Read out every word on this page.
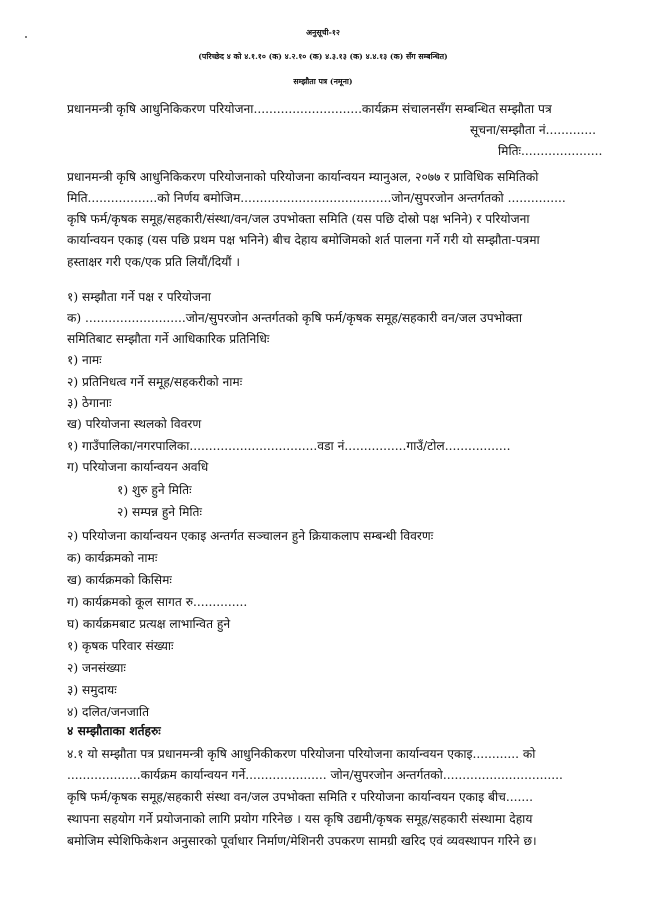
अनुसूची-१२
(परिच्छेद ४ को ४.१.१० (क) ४.२.१० (क) ४.३.१३ (क) ४.४.१३ (क) सँग सम्बन्धित)
सम्झौता पत्र (नमूना)
प्रधानमन्त्री कृषि आधुनिकिकरण परियोजना............................कार्यक्रम संचालनसँग सम्बन्धित सम्झौता पत्र
सूचना/सम्झौता नं.............
मितिः.....................
प्रधानमन्त्री कृषि आधुनिकिकरण परियोजनाको परियोजना कार्यान्वयन म्यानुअल, २०७७ र प्राविधिक समितिको
मिति..................को निर्णय बमोजिम.......................................जोन/सुपरजोन अन्तर्गतको ...............
कृषि फर्म/कृषक समूह/सहकारी/संस्था/वन/जल उपभोक्ता समिति (यस पछि दोस्रो पक्ष भनिने) र परियोजना
कार्यान्वयन एकाइ (यस पछि प्रथम पक्ष भनिने) बीच देहाय बमोजिमको शर्त पालना गर्ने गरी यो सम्झौता-पत्रमा
हस्ताक्षर गरी एक/एक प्रति लियौं/दियौं ।
१) सम्झौता गर्ने पक्ष र परियोजना
क) ..........................जोन/सुपरजोन अन्तर्गतको कृषि फर्म/कृषक समूह/सहकारी वन/जल उपभोक्ता
समितिबाट सम्झौता गर्ने आधिकारिक प्रतिनिधिः
१) नामः
२) प्रतिनिधत्व गर्ने समूह/सहकरीको नामः
३) ठेगानाः
ख) परियोजना स्थलको विवरण
१) गाउँपालिका/नगरपालिका.................................वडा नं................गाउँ/टोल.................
ग) परियोजना कार्यान्वयन अवधि
१) शुरु हुने मितिः
२) सम्पन्न हुने मितिः
२) परियोजना कार्यान्वयन एकाइ अन्तर्गत सञ्चालन हुने क्रियाकलाप सम्बन्धी विवरणः
क) कार्यक्रमको नामः
ख) कार्यक्रमको किसिमः
ग) कार्यक्रमको कूल सागत रु..............
घ) कार्यक्रमबाट प्रत्यक्ष लाभान्वित हुने
१) कृषक परिवार संख्याः
२) जनसंख्याः
३) समुदायः
४) दलित/जनजाति
४ सम्झौताका शर्तहरुः
४.१ यो सम्झौता पत्र प्रधानमन्त्री कृषि आधुनिकीकरण परियोजना परियोजना कार्यान्वयन एकाइ............ को
...................कार्यक्रम कार्यान्वयन गर्ने..................... जोन/सुपरजोन अन्तर्गतको...............................
कृषि फर्म/कृषक समूह/सहकारी संस्था वन/जल उपभोक्ता समिति र परियोजना कार्यान्वयन एकाइ बीच.......
स्थापना सहयोग गर्ने प्रयोजनाको लागि प्रयोग गरिनेछ । यस कृषि उद्यमी/कृषक समूह/सहकारी संस्थामा देहाय
बमोजिम स्पेशिफिकेशन अनुसारको पूर्वाधार निर्माण/मेशिनरी उपकरण सामग्री खरिद एवं व्यवस्थापन गरिने छ।
